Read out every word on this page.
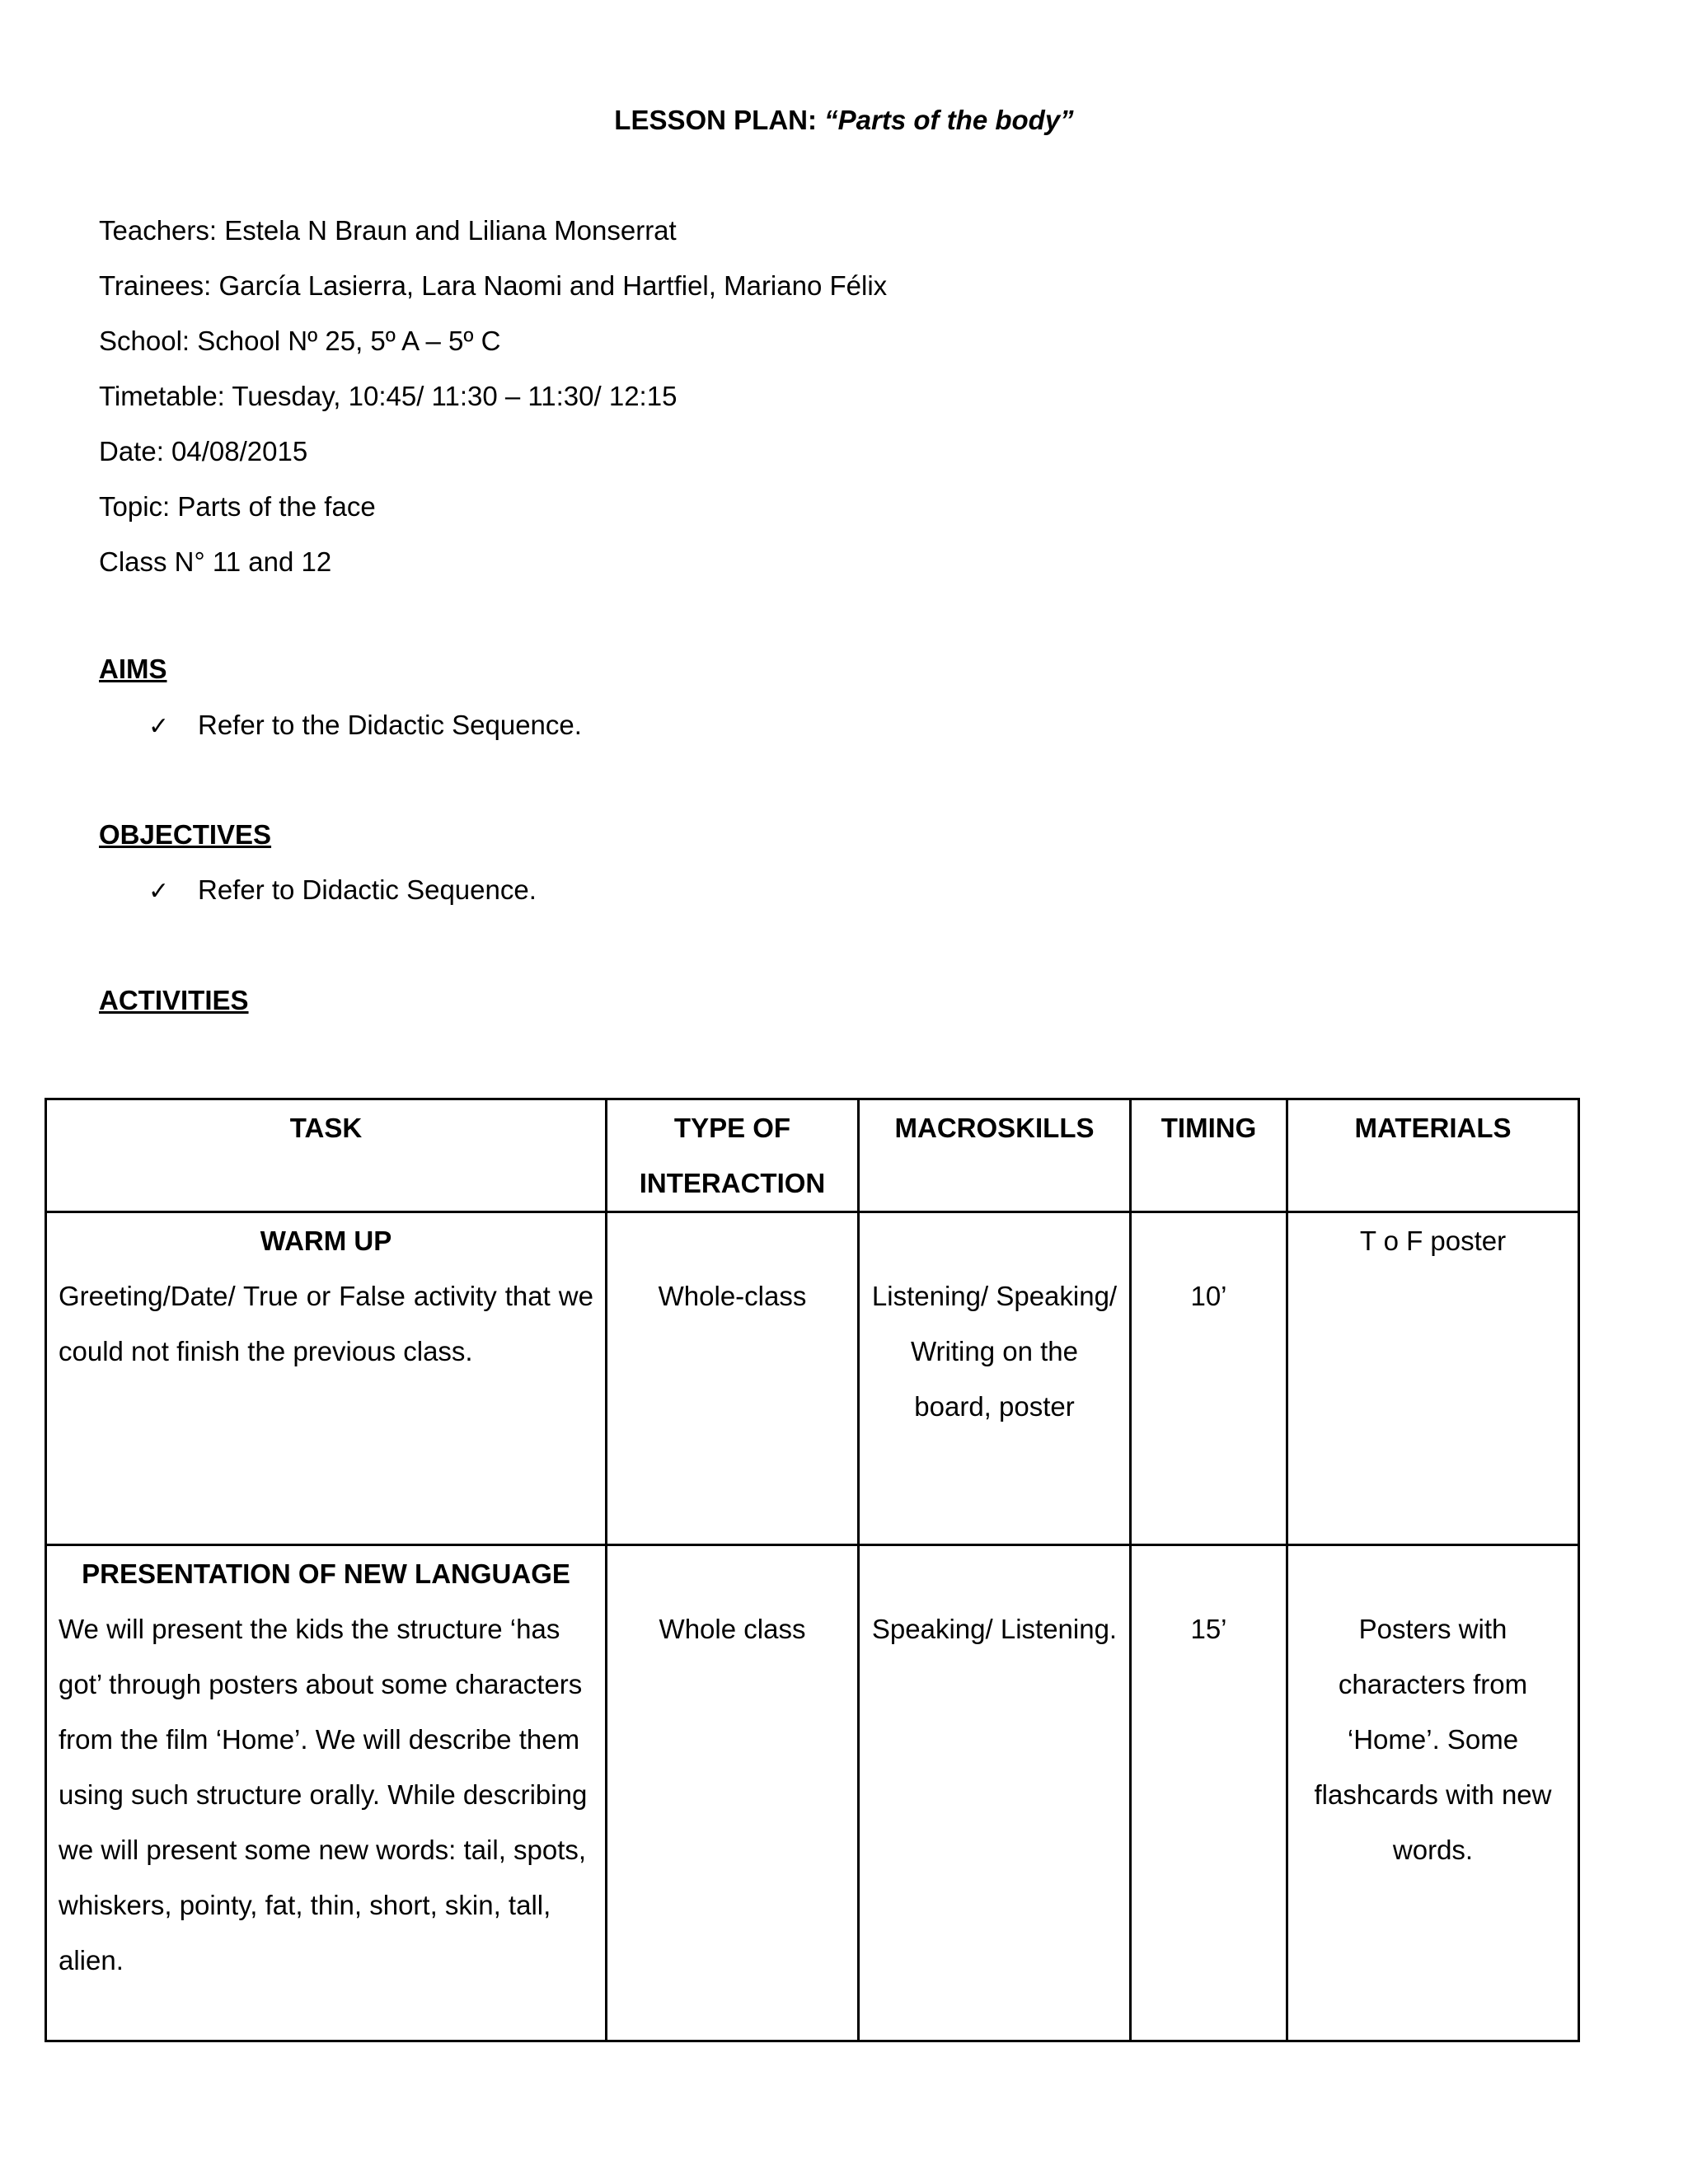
LESSON PLAN: “Parts of the body”
Teachers: Estela N Braun and Liliana Monserrat
Trainees: García Lasierra, Lara Naomi and Hartfiel, Mariano Félix
School: School Nº 25, 5º A – 5º C
Timetable: Tuesday, 10:45/ 11:30 – 11:30/ 12:15
Date: 04/08/2015
Topic: Parts of the face
Class N° 11 and 12
AIMS
✓ Refer to the Didactic Sequence.
OBJECTIVES
✓ Refer to Didactic Sequence.
ACTIVITIES
TASK	TYPE OF INTERACTION	MACROSKILLS	TIMING	MATERIALS

WARM UP
Greeting/Date/ True or False activity that we could not finish the previous class.	Whole-class	Listening/ Speaking/ Writing on the board, poster	10’	T o F poster

PRESENTATION OF NEW LANGUAGE
We will present the kids the structure ‘has got’ through posters about some characters from the film ‘Home’. We will describe them using such structure orally. While describing we will present some new words: tail, spots, whiskers, pointy, fat, thin, short, skin, tall, alien.	Whole class	Speaking/ Listening.	15’	Posters with characters from ‘Home’. Some flashcards with new words.
